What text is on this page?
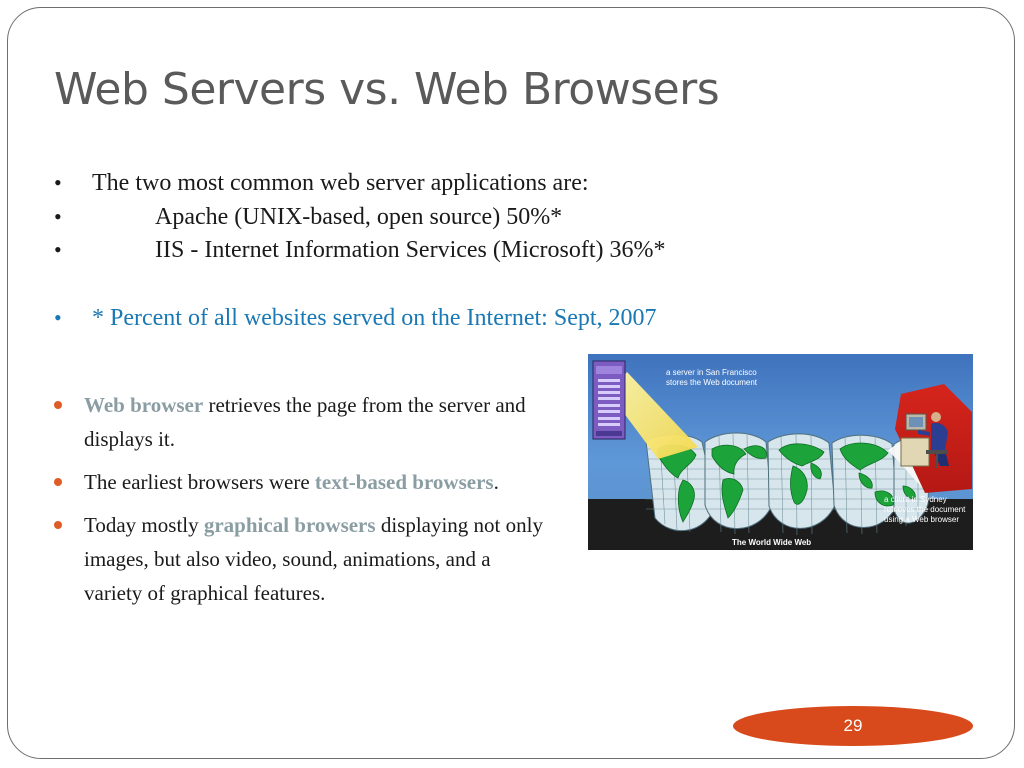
Web Servers vs. Web Browsers
• The two most common web server applications are:
•	Apache (UNIX-based, open source) 50%*
•	IIS - Internet Information Services (Microsoft) 36%*
• * Percent of all websites served on the Internet: Sept, 2007
Web browser retrieves the page from the server and displays it.
The earliest browsers were text-based browsers.
Today mostly graphical browsers displaying not only images, but also video, sound, animations, and a variety of graphical features.
a server in San Francisco
stores the Web document
a client in Sydney
retrieves the document
using a Web browser
The World Wide Web
29
